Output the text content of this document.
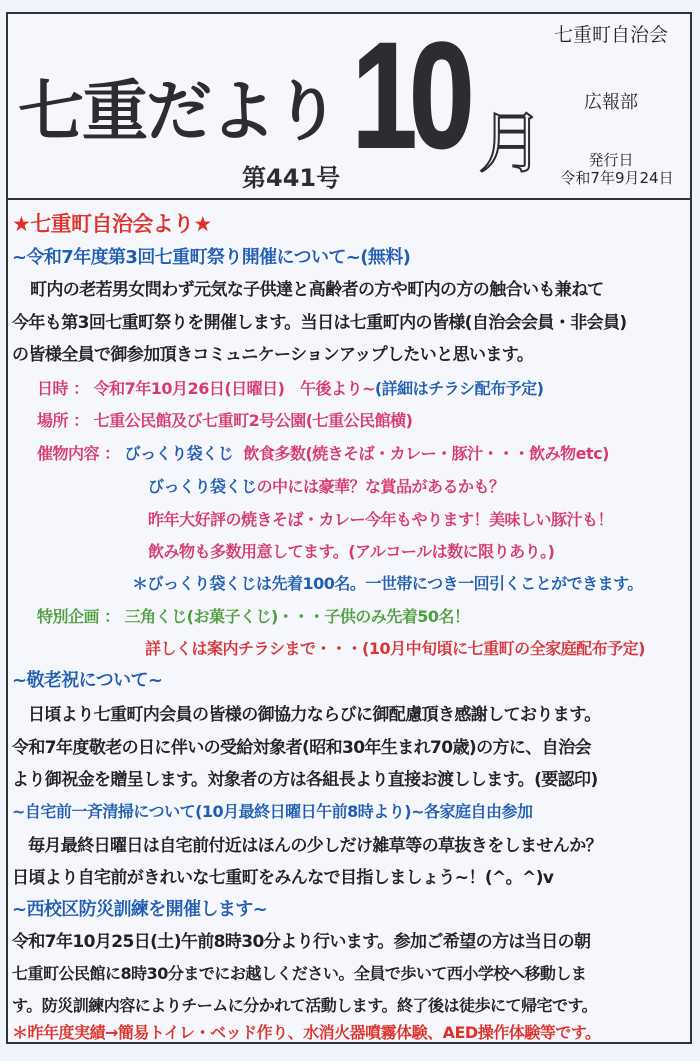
七重だより
第441号 10 月
七重町自治会
広報部
発行日
令和7年9月24日
★七重町自治会より★
~令和7年度第3回七重町祭り開催について~(無料)
町内の老若男女問わず元気な子供達と高齢者の方や町内の方の触合いも兼ねて
今年も第3回七重町祭りを開催します。当日は七重町内の皆様(自治会会員・非会員)
の皆様全員で御参加頂きコミュニケーションアップしたいと思います。
日時 ： 令和7年10月26日(日曜日)　午後より~(詳細はチラシ配布予定)
場所 ： 七重公民館及び七重町2号公園(七重公民館横)
催物内容 ： びっくり袋くじ 飲食多数(焼きそば・カレー・豚汁・・・飲み物etc)
びっくり袋くじの中には豪華？な賞品があるかも？
昨年大好評の焼きそば・カレー今年もやります！美味しい豚汁も！
飲み物も多数用意してます。(アルコールは数に限りあり。)
＊びっくり袋くじは先着100名。一世帯につき一回引くことができます。
特別企画 ： 三角くじ(お菓子くじ)・・・子供のみ先着50名！
詳しくは案内チラシまで・・・(10月中旬頃に七重町の全家庭配布予定)
~敬老祝について~
日頃より七重町内会員の皆様の御協力ならびに御配慮頂き感謝しております。
令和7年度敬老の日に伴いの受給対象者(昭和30年生まれ70歳)の方に、自治会
より御祝金を贈呈します。対象者の方は各組長より直接お渡しします。(要認印)
~自宅前一斉清掃について(10月最終日曜日午前8時より)~各家庭自由参加
毎月最終日曜日は自宅前付近はほんの少しだけ雑草等の草抜きをしませんか？
日頃より自宅前がきれいな七重町をみんなで目指しましょう~！(^。^)v
~西校区防災訓練を開催します~
令和7年10月25日(土)午前8時30分より行います。参加ご希望の方は当日の朝
七重町公民館に8時30分までにお越しください。全員で歩いて西小学校へ移動しま
す。防災訓練内容によりチームに分かれて活動します。終了後は徒歩にて帰宅です。
＊昨年度実績→簡易トイレ・ベッド作り、水消火器噴霧体験、AED操作体験等です。
